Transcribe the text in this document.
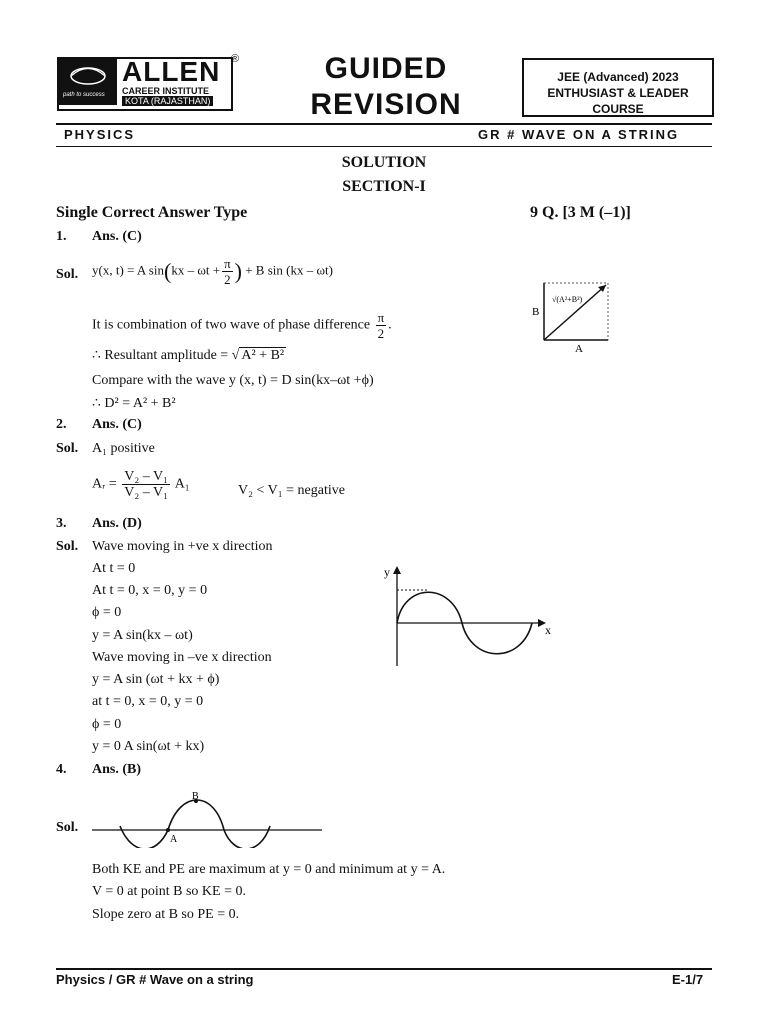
path to success
ALLEN
CAREER INSTITUTE
KOTA (RAJASTHAN)
®	GUIDED
REVISION
JEE (Advanced) 2023
ENTHUSIAST & LEADER COURSE
PHYSICS	GR # WAVE ON A STRING
SOLUTION
SECTION-I
Single Correct Answer Type	9 Q. [3 M (–1)]
1. Ans. (C)
Sol. y(x, t) = A $\sin(kx - \omega t + \frac{\pi}{2}$ ) + B sin (kx – ωt)
It is combination of two wave of phase difference $\frac{\pi}{2}$ .
∴ Resultant amplitude = √ A² + B²
Compare with the wave y (x, t) = D sin(kx–ωt +ϕ)
∴ D² = A² + B²
B
A
√(A²+B²)
2. Ans. (C)
Sol. A₁ positive
Aᵣ = $\frac{\text{V₂ – V₁}}{\text{V₂ – V₁}} A_1$	V₂ < V₁ = negative
3. Ans. (D)
Sol. Wave moving in +ve x direction
At t = 0
At t = 0, x = 0, y = 0
ϕ = 0
y = A sin(kx – ωt)
Wave moving in –ve x direction
y = A sin (ωt + kx + ϕ)
at t = 0, x = 0, y = 0
ϕ = 0
y = 0 A sin(ωt + kx)
y
x
4. Ans. (B)
Sol.
A
B
Both KE and PE are maximum at y = 0 and minimum at y = A.
V = 0 at point B so KE = 0.
Slope zero at B so PE = 0.
Physics / GR # Wave on a string	E-1/7
